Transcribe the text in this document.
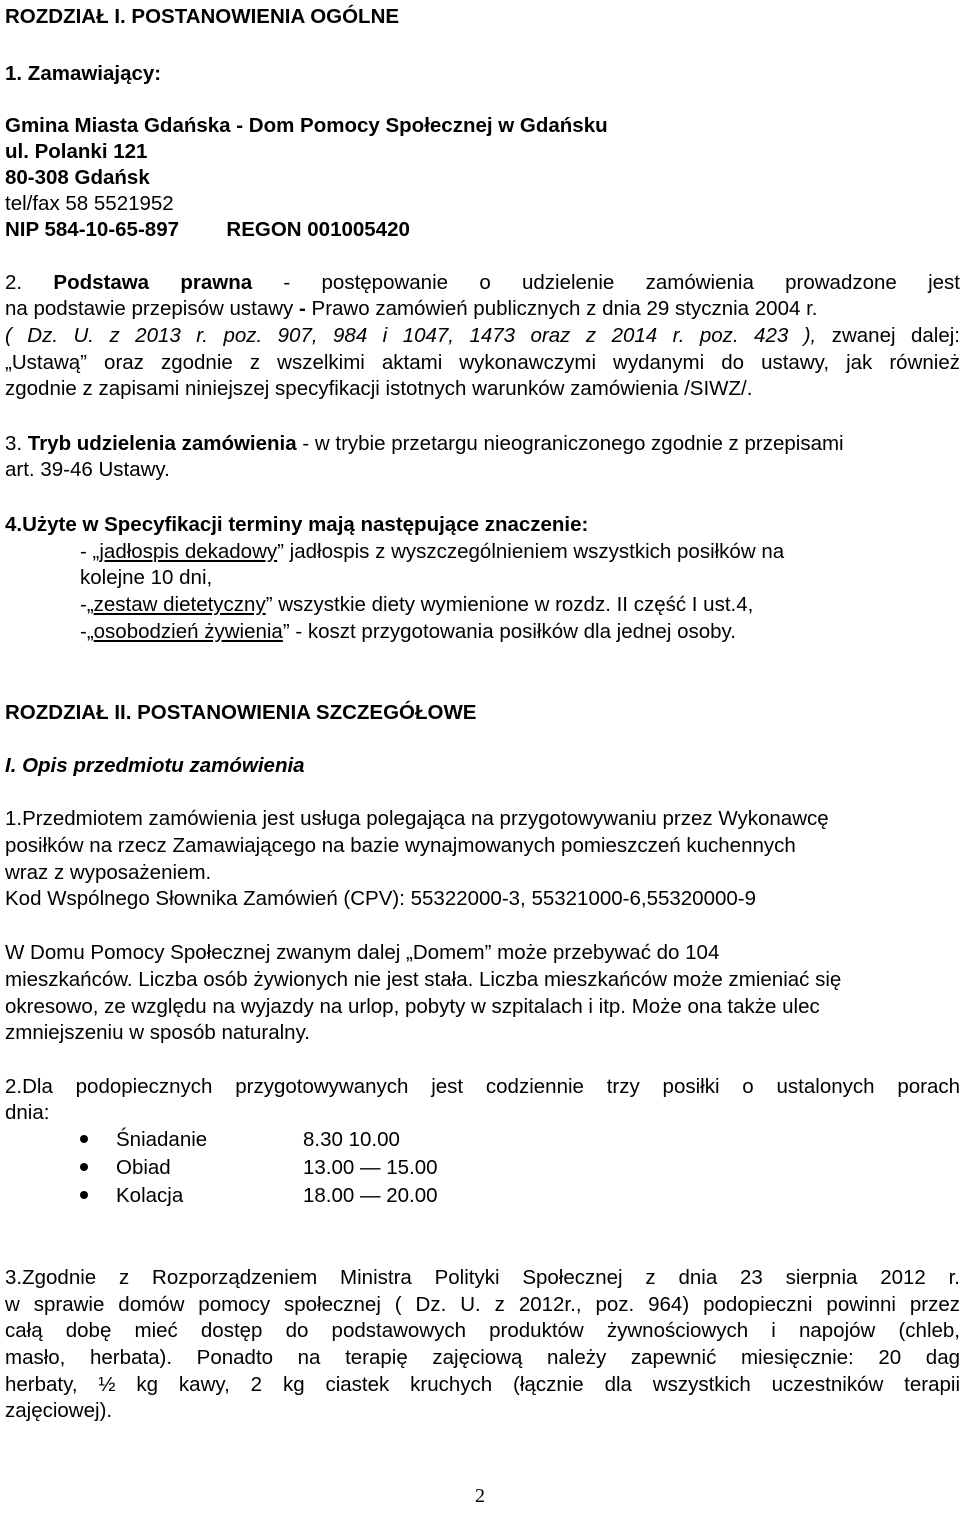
ROZDZIAŁ I. POSTANOWIENIA OGÓLNE
1. Zamawiający:
Gmina Miasta Gdańska - Dom Pomocy Społecznej w Gdańsku
ul. Polanki 121
80-308 Gdańsk
tel/fax 58 5521952
NIP 584-10-65-897 REGON 001005420
2. Podstawa prawna - postępowanie o udzielenie zamówienia prowadzone jest
na podstawie przepisów ustawy - Prawo zamówień publicznych z dnia 29 stycznia 2004 r.
( Dz. U. z 2013 r. poz. 907, 984 i 1047, 1473 oraz z 2014 r. poz. 423 ), zwanej dalej:
„Ustawą” oraz zgodnie z wszelkimi aktami wykonawczymi wydanymi do ustawy, jak również
zgodnie z zapisami niniejszej specyfikacji istotnych warunków zamówienia /SIWZ/.
3. Tryb udzielenia zamówienia - w trybie przetargu nieograniczonego zgodnie z przepisami
art. 39-46 Ustawy.
4.Użyte w Specyfikacji terminy mają następujące znaczenie:
- „jadłospis dekadowy” jadłospis z wyszczególnieniem wszystkich posiłków na
kolejne 10 dni,
-„zestaw dietetyczny” wszystkie diety wymienione w rozdz. II część I ust.4,
-„osobodzień żywienia” - koszt przygotowania posiłków dla jednej osoby.
ROZDZIAŁ II. POSTANOWIENIA SZCZEGÓŁOWE
I. Opis przedmiotu zamówienia
1.Przedmiotem zamówienia jest usługa polegająca na przygotowywaniu przez Wykonawcę
posiłków na rzecz Zamawiającego na bazie wynajmowanych pomieszczeń kuchennych
wraz z wyposażeniem.
Kod Wspólnego Słownika Zamówień (CPV): 55322000-3, 55321000-6,55320000-9
W Domu Pomocy Społecznej zwanym dalej „Domem” może przebywać do 104
mieszkańców. Liczba osób żywionych nie jest stała. Liczba mieszkańców może zmieniać się
okresowo, ze względu na wyjazdy na urlop, pobyty w szpitalach i itp. Może ona także ulec
zmniejszeniu w sposób naturalny.
2.Dla podopiecznych przygotowywanych jest codziennie trzy posiłki o ustalonych porach
dnia:
Śniadanie	8.30 10.00
Obiad	13.00 — 15.00
Kolacja	18.00 — 20.00
3.Zgodnie z Rozporządzeniem Ministra Polityki Społecznej z dnia 23 sierpnia 2012 r.
w sprawie domów pomocy społecznej ( Dz. U. z 2012r., poz. 964) podopieczni powinni przez
całą dobę mieć dostęp do podstawowych produktów żywnościowych i napojów (chleb,
masło, herbata). Ponadto na terapię zajęciową należy zapewnić miesięcznie: 20 dag
herbaty, ½ kg kawy, 2 kg ciastek kruchych (łącznie dla wszystkich uczestników terapii
zajęciowej).
2
